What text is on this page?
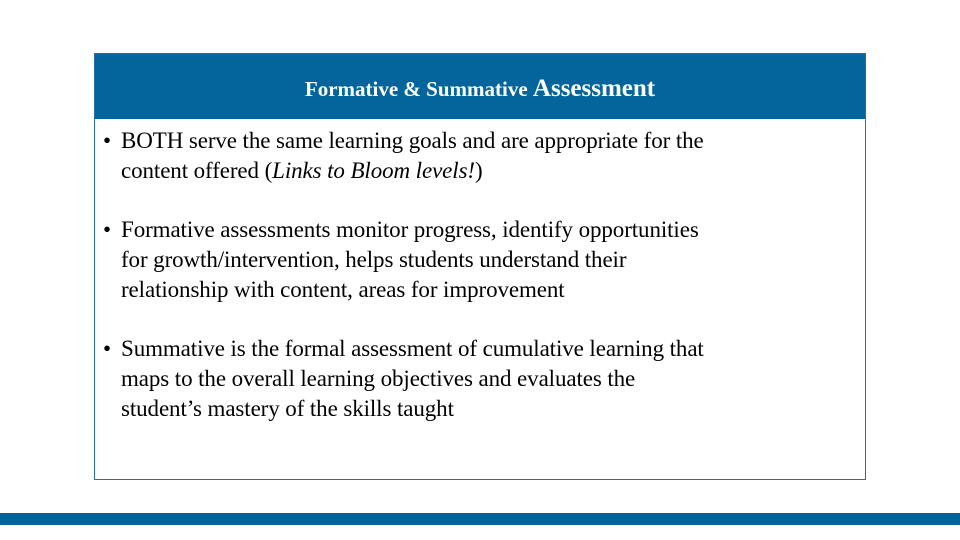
Formative & Summative Assessment
• BOTH serve the same learning goals and are appropriate for the
content offered (Links to Bloom levels!)
• Formative assessments monitor progress, identify opportunities
for growth/intervention, helps students understand their
relationship with content, areas for improvement
• Summative is the formal assessment of cumulative learning that
maps to the overall learning objectives and evaluates the
student’s mastery of the skills taught
